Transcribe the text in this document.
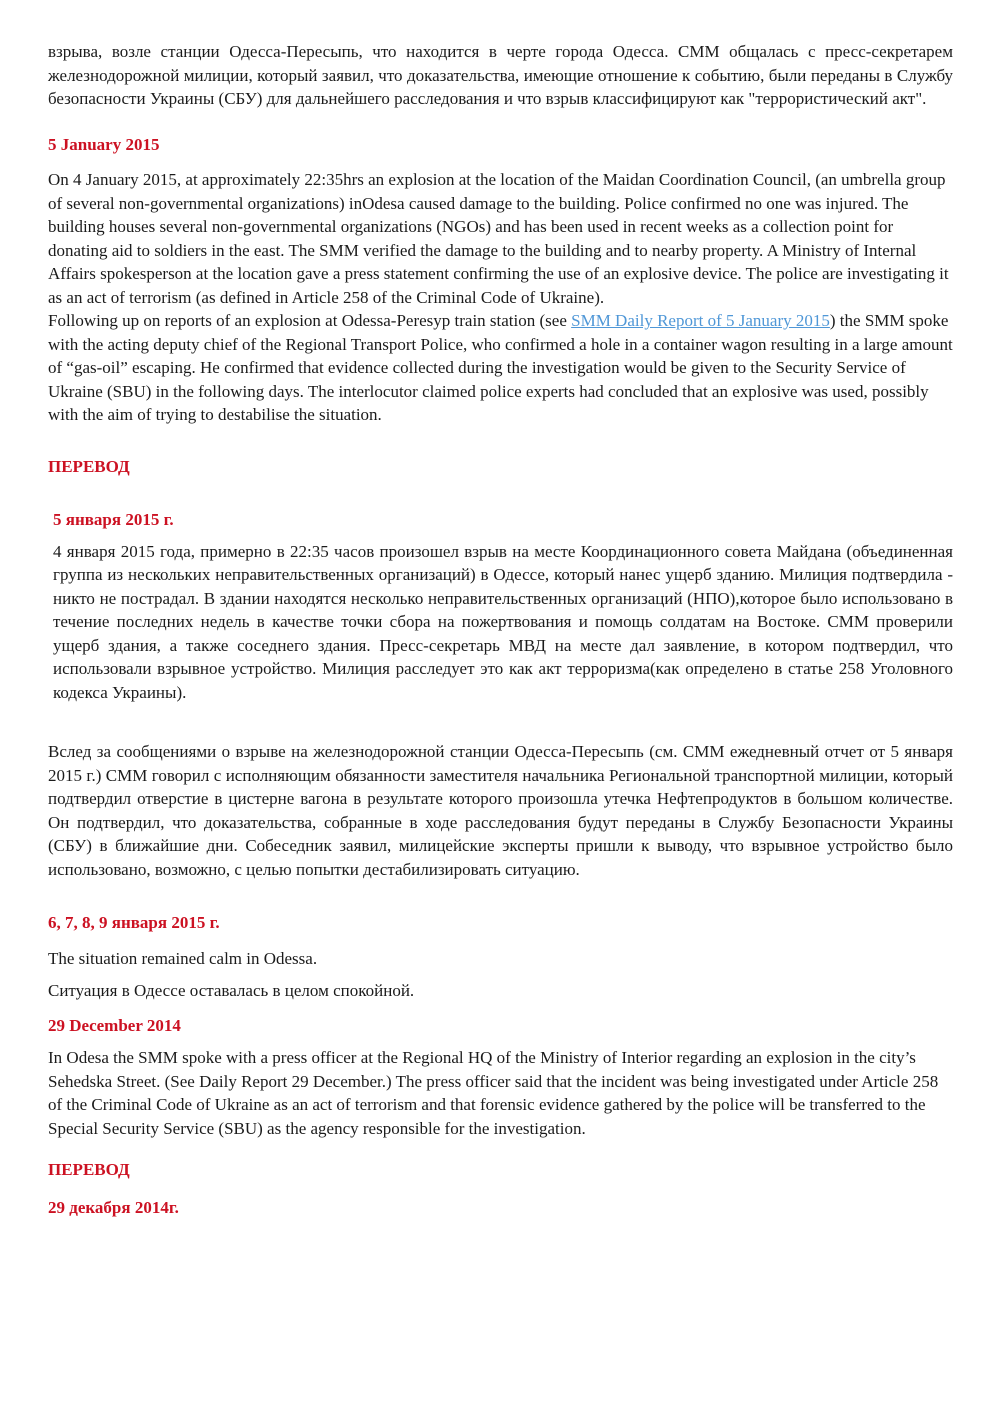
взрыва, возле станции Одесса-Пересыпь, что находится в черте города Одесса. СММ общалась с пресс-секретарем железнодорожной милиции, который заявил, что доказательства, имеющие отношение к событию, были переданы в Службу безопасности Украины (СБУ) для дальнейшего расследования и что взрыв классифицируют как "террористический акт".

5 January 2015

On 4 January 2015, at approximately 22:35hrs an explosion at the location of the Maidan Coordination Council, (an umbrella group of several non-governmental organizations) inOdesa caused damage to the building. Police confirmed no one was injured. The building houses several non-governmental organizations (NGOs) and has been used in recent weeks as a collection point for donating aid to soldiers in the east. The SMM verified the damage to the building and to nearby property. A Ministry of Internal Affairs spokesperson at the location gave a press statement confirming the use of an explosive device. The police are investigating it as an act of terrorism (as defined in Article 258 of the Criminal Code of Ukraine).

Following up on reports of an explosion at Odessa-Peresyp train station (see SMM Daily Report of 5 January 2015) the SMM spoke with the acting deputy chief of the Regional Transport Police, who confirmed a hole in a container wagon resulting in a large amount of “gas-oil” escaping. He confirmed that evidence collected during the investigation would be given to the Security Service of Ukraine (SBU) in the following days. The interlocutor claimed police experts had concluded that an explosive was used, possibly with the aim of trying to destabilise the situation.

ПЕРЕВОД
5 января 2015 г.

4 января 2015 года, примерно в 22:35 часов произошел взрыв на месте Координационного совета Майдана (объединенная группа из нескольких неправительственных организаций) в Одессе, который нанес ущерб зданию. Милиция подтвердила - никто не пострадал. В здании находятся несколько неправительственных организаций (НПО),которое было использовано в течение последних недель в качестве точки сбора на пожертвования и помощь солдатам на Востоке. СММ проверили ущерб здания, а также соседнего здания. Пресс-секретарь МВД на месте дал заявление, в котором подтвердил, что использовали взрывное устройство. Милиция расследует это как акт терроризма(как определено в статье 258 Уголовного кодекса Украины).

Вслед за сообщениями о взрыве на железнодорожной станции Одесса-Пересыпь (см. СММ ежедневный отчет от 5 января 2015 г.) СММ говорил с исполняющим обязанности заместителя начальника Региональной транспортной милиции, который подтвердил отверстие в цистерне вагона в результате которого произошла утечка Нефтепродуктов в большом количестве. Он подтвердил, что доказательства, собранные в ходе расследования будут переданы в Службу Безопасности Украины (СБУ) в ближайшие дни. Собеседник заявил, милицейские эксперты пришли к выводу, что взрывное устройство было использовано, возможно, с целью попытки дестабилизировать ситуацию.

6, 7, 8, 9 января 2015 г.

The situation remained calm in Odessa.

Ситуация в Одессе оставалась в целом спокойной.

29 December 2014

In Odesa the SMM spoke with a press officer at the Regional HQ of the Ministry of Interior regarding an explosion in the city’s Sehedska Street. (See Daily Report 29 December.) The press officer said that the incident was being investigated under Article 258 of the Criminal Code of Ukraine as an act of terrorism and that forensic evidence gathered by the police will be transferred to the Special Security Service (SBU) as the agency responsible for the investigation.

ПЕРЕВОД
29 декабря 2014г.
